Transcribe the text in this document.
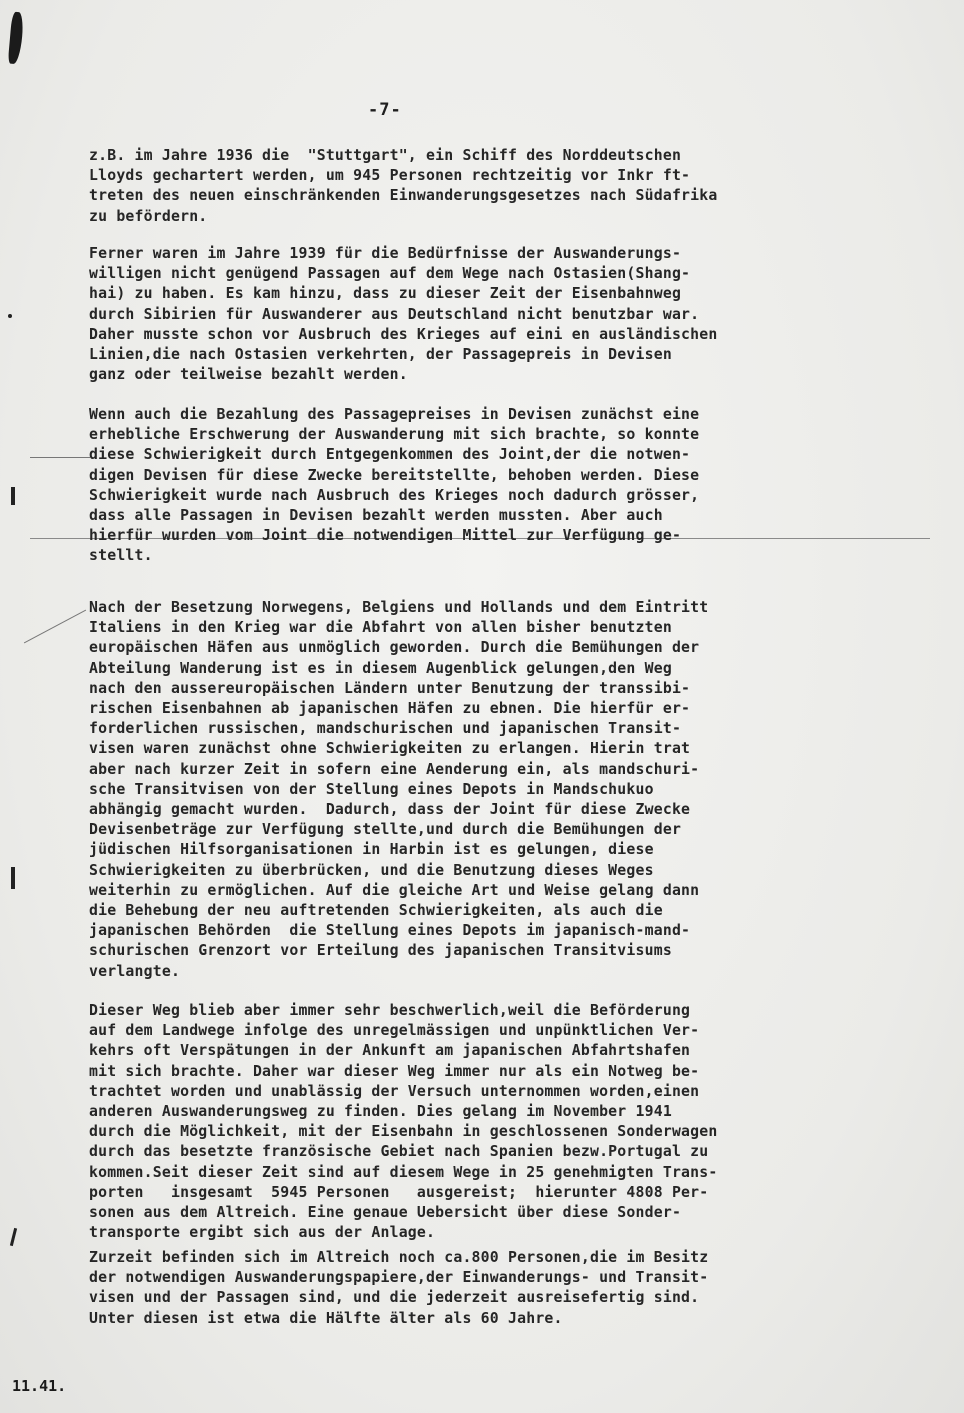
-7-
z.B. im Jahre 1936 die  "Stuttgart", ein Schiff des Norddeutschen
Lloyds gechartert werden, um 945 Personen rechtzeitig vor Inkr ft-
treten des neuen einschränkenden Einwanderungsgesetzes nach Südafrika
zu befördern.
Ferner waren im Jahre 1939 für die Bedürfnisse der Auswanderungs-
willigen nicht genügend Passagen auf dem Wege nach Ostasien(Shang-
hai) zu haben. Es kam hinzu, dass zu dieser Zeit der Eisenbahnweg
durch Sibirien für Auswanderer aus Deutschland nicht benutzbar war.
Daher musste schon vor Ausbruch des Krieges auf eini en ausländischen
Linien,die nach Ostasien verkehrten, der Passagepreis in Devisen
ganz oder teilweise bezahlt werden.
Wenn auch die Bezahlung des Passagepreises in Devisen zunächst eine
erhebliche Erschwerung der Auswanderung mit sich brachte, so konnte
diese Schwierigkeit durch Entgegenkommen des Joint,der die notwen-
digen Devisen für diese Zwecke bereitstellte, behoben werden. Diese
Schwierigkeit wurde nach Ausbruch des Krieges noch dadurch grösser,
dass alle Passagen in Devisen bezahlt werden mussten. Aber auch
hierfür wurden vom Joint die notwendigen Mittel zur Verfügung ge-
stellt.
Nach der Besetzung Norwegens, Belgiens und Hollands und dem Eintritt
Italiens in den Krieg war die Abfahrt von allen bisher benutzten
europäischen Häfen aus unmöglich geworden. Durch die Bemühungen der
Abteilung Wanderung ist es in diesem Augenblick gelungen,den Weg
nach den aussereuropäischen Ländern unter Benutzung der transsibi-
rischen Eisenbahnen ab japanischen Häfen zu ebnen. Die hierfür er-
forderlichen russischen, mandschurischen und japanischen Transit-
visen waren zunächst ohne Schwierigkeiten zu erlangen. Hierin trat
aber nach kurzer Zeit in sofern eine Aenderung ein, als mandschuri-
sche Transitvisen von der Stellung eines Depots in Mandschukuo
abhängig gemacht wurden.  Dadurch, dass der Joint für diese Zwecke
Devisenbeträge zur Verfügung stellte,und durch die Bemühungen der
jüdischen Hilfsorganisationen in Harbin ist es gelungen, diese
Schwierigkeiten zu überbrücken, und die Benutzung dieses Weges
weiterhin zu ermöglichen. Auf die gleiche Art und Weise gelang dann
die Behebung der neu auftretenden Schwierigkeiten, als auch die
japanischen Behörden  die Stellung eines Depots im japanisch-mand-
schurischen Grenzort vor Erteilung des japanischen Transitvisums
verlangte.
Dieser Weg blieb aber immer sehr beschwerlich,weil die Beförderung
auf dem Landwege infolge des unregelmässigen und unpünktlichen Ver-
kehrs oft Verspätungen in der Ankunft am japanischen Abfahrtshafen
mit sich brachte. Daher war dieser Weg immer nur als ein Notweg be-
trachtet worden und unablässig der Versuch unternommen worden,einen
anderen Auswanderungsweg zu finden. Dies gelang im November 1941
durch die Möglichkeit, mit der Eisenbahn in geschlossenen Sonderwagen
durch das besetzte französische Gebiet nach Spanien bezw.Portugal zu
kommen.Seit dieser Zeit sind auf diesem Wege in 25 genehmigten Trans-
porten   insgesamt  5945 Personen   ausgereist;  hierunter 4808 Per-
sonen aus dem Altreich. Eine genaue Uebersicht über diese Sonder-
transporte ergibt sich aus der Anlage.
Zurzeit befinden sich im Altreich noch ca.800 Personen,die im Besitz
der notwendigen Auswanderungspapiere,der Einwanderungs- und Transit-
visen und der Passagen sind, und die jederzeit ausreisefertig sind.
Unter diesen ist etwa die Hälfte älter als 60 Jahre.
11.41.
